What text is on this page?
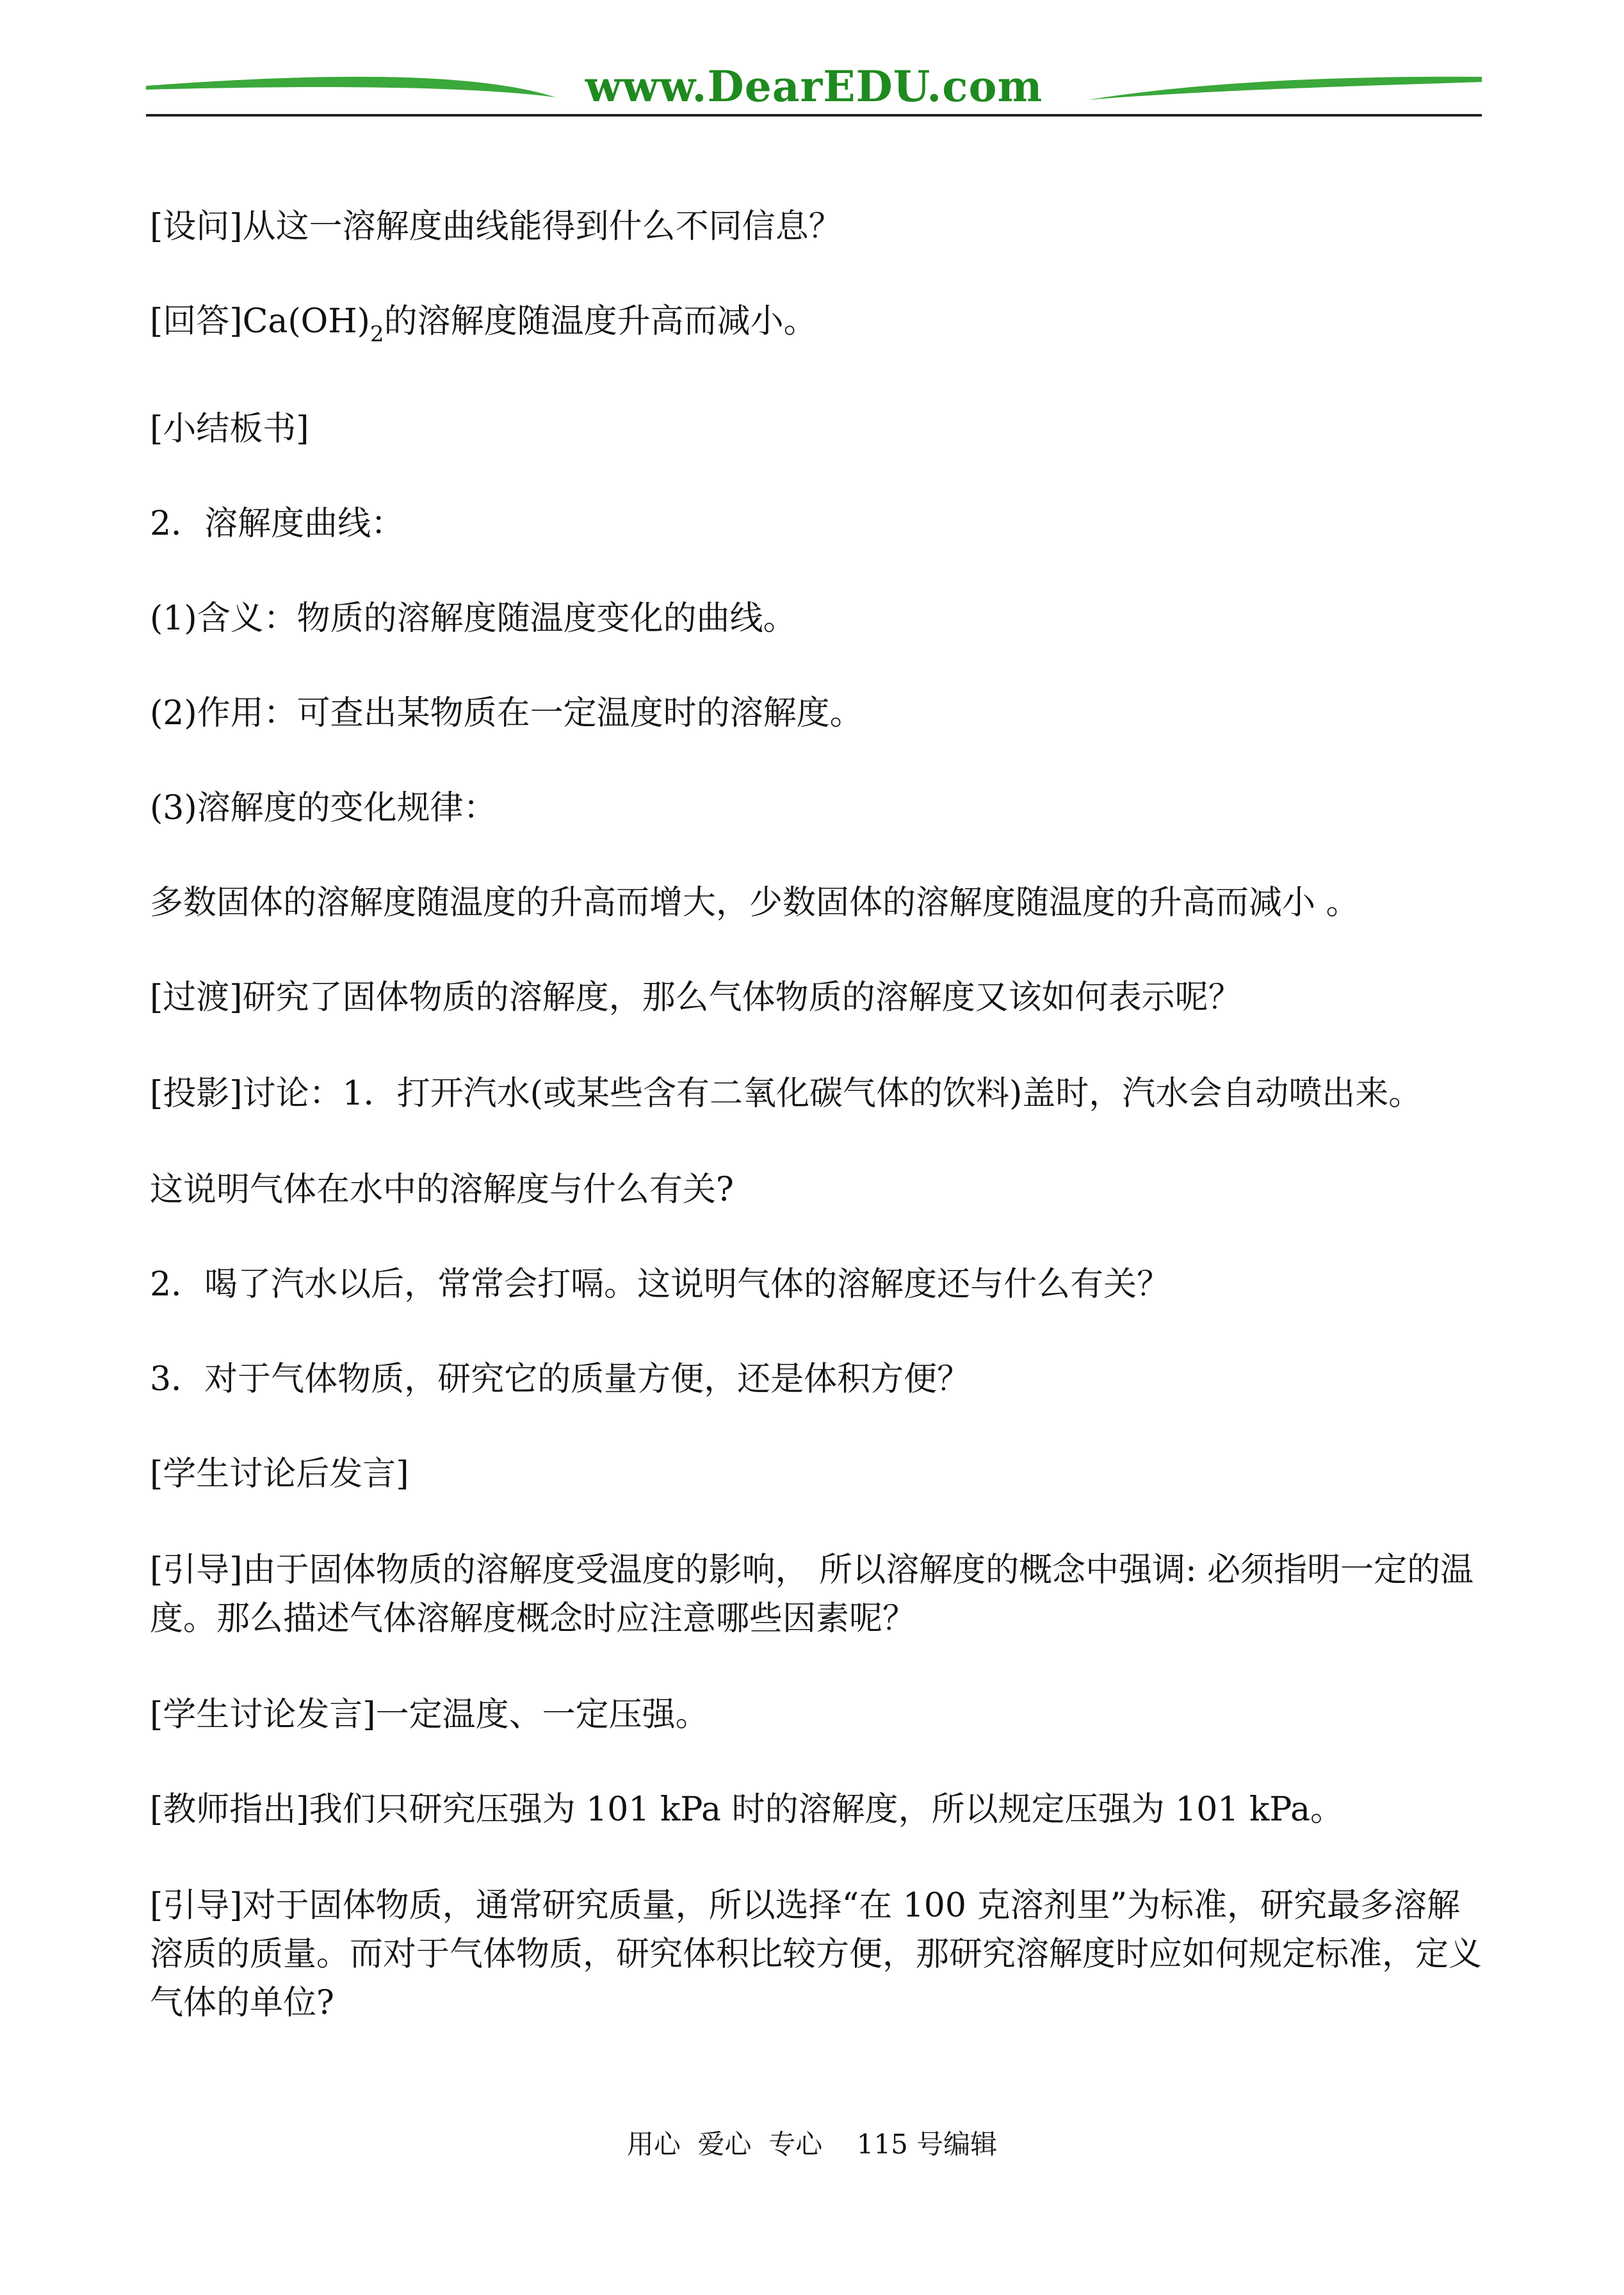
www.DearEDU.com

[设问]从这一溶解度曲线能得到什么不同信息？

[回答]$Ca(OH)_2$的溶解度随温度升高而减小。

[小结板书]

2．溶解度曲线：

(1)含义：物质的溶解度随温度变化的曲线。

(2)作用：可查出某物质在一定温度时的溶解度。

(3)溶解度的变化规律：

多数固体的溶解度随温度的升高而增大，少数固体的溶解度随温度的升高而减小 。

[过渡]研究了固体物质的溶解度，那么气体物质的溶解度又该如何表示呢？

[投影]讨论：1．打开汽水(或某些含有二氧化碳气体的饮料)盖时，汽水会自动喷出来。

这说明气体在水中的溶解度与什么有关?

2．喝了汽水以后，常常会打嗝。这说明气体的溶解度还与什么有关？

3．对于气体物质，研究它的质量方便，还是体积方便？

[学生讨论后发言]

[引导]由于固体物质的溶解度受温度的影响， 所以溶解度的概念中强调: 必须指明一定的温度。那么描述气体溶解度概念时应注意哪些因素呢？

[学生讨论发言]一定温度、一定压强。

[教师指出]我们只研究压强为 101 kPa 时的溶解度，所以规定压强为 101 kPa。

[引导]对于固体物质，通常研究质量，所以选择“在 100 克溶剂里”为标准，研究最多溶解溶质的质量。而对于气体物质，研究体积比较方便，那研究溶解度时应如何规定标准，定义气体的单位?

用心  爱心  专心    115 号编辑
